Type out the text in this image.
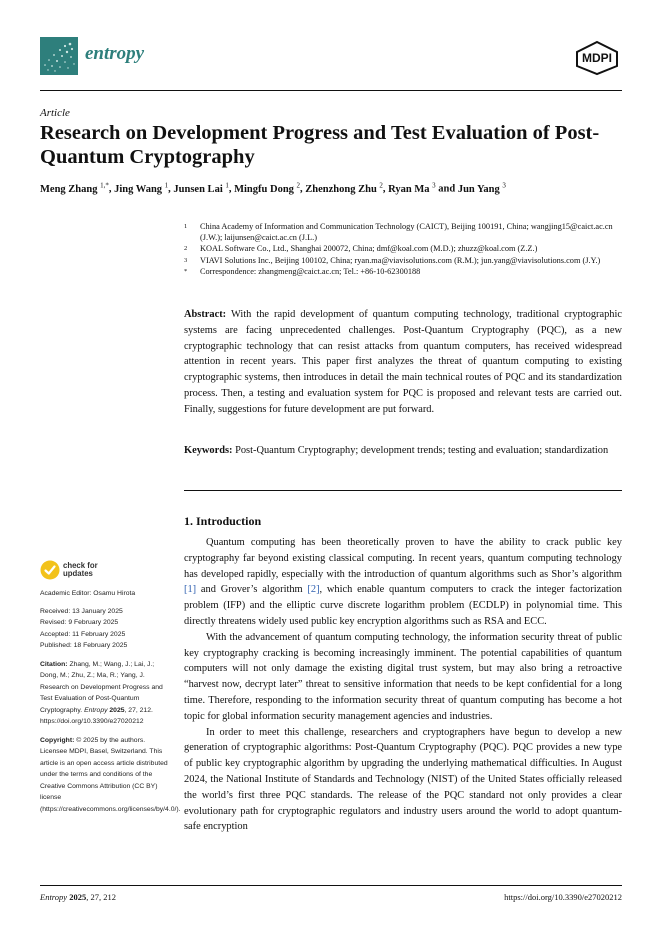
entropy	MDPI
Article
Research on Development Progress and Test Evaluation of Post-Quantum Cryptography
Meng Zhang $^{1,*}$, Jing Wang $^1$, Junsen Lai $^1$, Mingfu Dong $^2$, Zhenzhong Zhu $^2$, Ryan Ma $^3$ and Jun Yang $^3$
1	China Academy of Information and Communication Technology (CAICT), Beijing 100191, China; wangjing15@caict.ac.cn (J.W.); laijunsen@caict.ac.cn (J.L.)
2	KOAL Software Co., Ltd., Shanghai 200072, China; dmf@koal.com (M.D.); zhuzz@koal.com (Z.Z.)
3	VIAVI Solutions Inc., Beijing 100102, China; ryan.ma@viavisolutions.com (R.M.); jun.yang@viavisolutions.com (J.Y.)
*	Correspondence: zhangmeng@caict.ac.cn; Tel.: +86-10-62300188

Abstract: With the rapid development of quantum computing technology, traditional cryptographic systems are facing unprecedented challenges. Post-Quantum Cryptography (PQC), as a new cryptographic technology that can resist attacks from quantum computers, has received widespread attention in recent years. This paper first analyzes the threat of quantum computing to existing cryptographic systems, then introduces in detail the main technical routes of PQC and its standardization process. Then, a testing and evaluation system for PQC is proposed and relevant tests are carried out. Finally, suggestions for future development are put forward.

Keywords: Post-Quantum Cryptography; development trends; testing and evaluation; standardization

1. Introduction

Quantum computing has been theoretically proven to have the ability to crack public key cryptography far beyond existing classical computing. In recent years, quantum computing technology has developed rapidly, especially with the introduction of quantum algorithms such as Shor’s algorithm [1] and Grover’s algorithm [2], which enable quantum computers to crack the integer factorization problem (IFP) and the elliptic curve discrete logarithm problem (ECDLP) in polynomial time. This directly threatens widely used public key encryption algorithms such as RSA and ECC.

With the advancement of quantum computing technology, the information security threat of public key cryptography cracking is becoming increasingly imminent. The potential capabilities of quantum computers will not only damage the existing digital trust system, but may also bring a retroactive “harvest now, decrypt later” threat to sensitive information that needs to be kept confidential for a long time. Therefore, responding to the information security threat of quantum computing has become a hot topic for global information security management agencies and industries.

In order to meet this challenge, researchers and cryptographers have begun to develop a new generation of cryptographic algorithms: Post-Quantum Cryptography (PQC). PQC provides a new type of public key cryptographic algorithm by upgrading the underlying mathematical difficulties. In August 2024, the National Institute of Standards and Technology (NIST) of the United States officially released the world’s first three PQC standards. The release of the PQC standard not only provides a clear evolutionary path for cryptographic regulators and industry users around the world to adopt quantum-safe encryption

check for
updates
Academic Editor: Osamu Hirota
Received: 13 January 2025
Revised: 9 February 2025
Accepted: 11 February 2025
Published: 18 February 2025
Citation: Zhang, M.; Wang, J.; Lai, J.; Dong, M.; Zhu, Z.; Ma, R.; Yang, J. Research on Development Progress and Test Evaluation of Post-Quantum Cryptography. Entropy 2025, 27, 212. https://doi.org/10.3390/e27020212
Copyright: © 2025 by the authors. Licensee MDPI, Basel, Switzerland. This article is an open access article distributed under the terms and conditions of the Creative Commons Attribution (CC BY) license (https://creativecommons.org/licenses/by/4.0/).
Entropy 2025, 27, 212	https://doi.org/10.3390/e27020212
